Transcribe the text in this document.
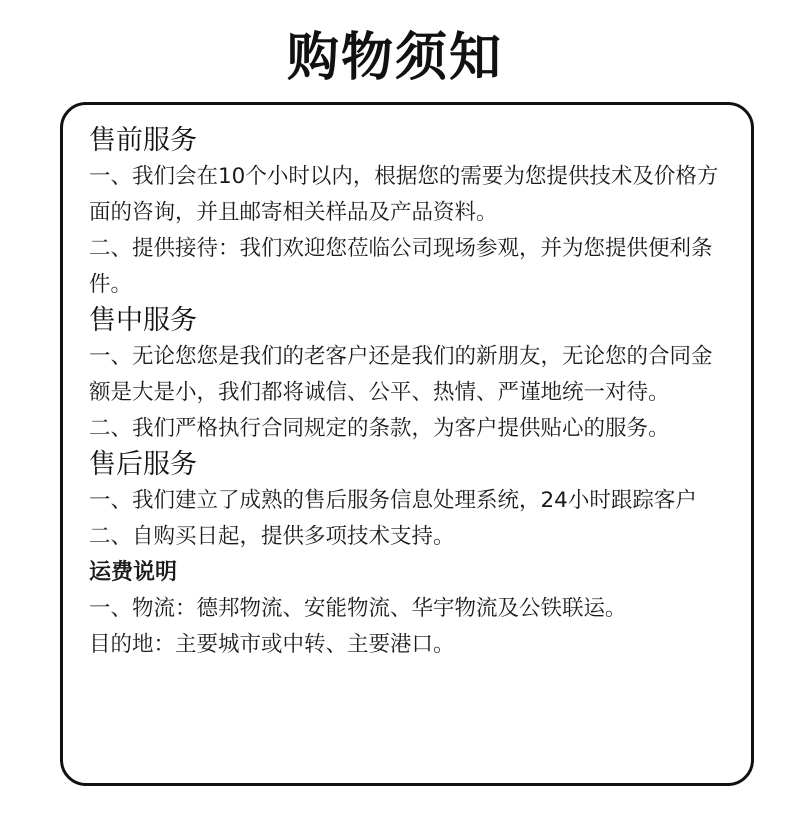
购物须知
售前服务

一、我们会在10个小时以内，根据您的需要为您提供技术及价格方面的咨询，并且邮寄相关样品及产品资料。

二、提供接待：我们欢迎您莅临公司现场参观，并为您提供便利条件。

售中服务

一、无论您您是我们的老客户还是我们的新朋友，无论您的合同金额是大是小，我们都将诚信、公平、热情、严谨地统一对待。

二、我们严格执行合同规定的条款，为客户提供贴心的服务。

售后服务

一、我们建立了成熟的售后服务信息处理系统，24小时跟踪客户

二、自购买日起，提供多项技术支持。

运费说明

一、物流：德邦物流、安能物流、华宇物流及公铁联运。

目的地：主要城市或中转、主要港口。
